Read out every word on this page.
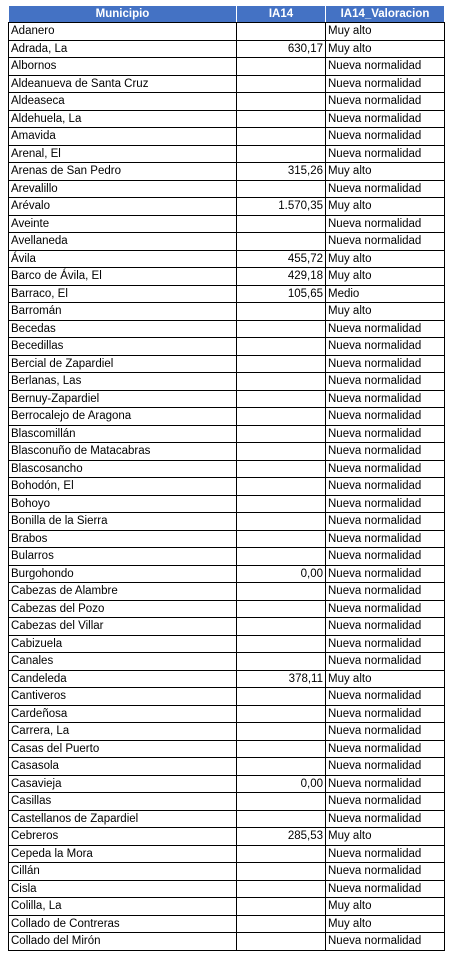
Municipio	IA14	IA14_Valoracion
Adanero		Muy alto
Adrada, La	630,17	Muy alto
Albornos		Nueva normalidad
Aldeanueva de Santa Cruz		Nueva normalidad
Aldeaseca		Nueva normalidad
Aldehuela, La		Nueva normalidad
Amavida		Nueva normalidad
Arenal, El		Nueva normalidad
Arenas de San Pedro	315,26	Muy alto
Arevalillo		Nueva normalidad
Arévalo	1.570,35	Muy alto
Aveinte		Nueva normalidad
Avellaneda		Nueva normalidad
Ávila	455,72	Muy alto
Barco de Ávila, El	429,18	Muy alto
Barraco, El	105,65	Medio
Barromán		Muy alto
Becedas		Nueva normalidad
Becedillas		Nueva normalidad
Bercial de Zapardiel		Nueva normalidad
Berlanas, Las		Nueva normalidad
Bernuy-Zapardiel		Nueva normalidad
Berrocalejo de Aragona		Nueva normalidad
Blascomillán		Nueva normalidad
Blasconuño de Matacabras		Nueva normalidad
Blascosancho		Nueva normalidad
Bohodón, El		Nueva normalidad
Bohoyo		Nueva normalidad
Bonilla de la Sierra		Nueva normalidad
Brabos		Nueva normalidad
Bularros		Nueva normalidad
Burgohondo	0,00	Nueva normalidad
Cabezas de Alambre		Nueva normalidad
Cabezas del Pozo		Nueva normalidad
Cabezas del Villar		Nueva normalidad
Cabizuela		Nueva normalidad
Canales		Nueva normalidad
Candeleda	378,11	Muy alto
Cantiveros		Nueva normalidad
Cardeñosa		Nueva normalidad
Carrera, La		Nueva normalidad
Casas del Puerto		Nueva normalidad
Casasola		Nueva normalidad
Casavieja	0,00	Nueva normalidad
Casillas		Nueva normalidad
Castellanos de Zapardiel		Nueva normalidad
Cebreros	285,53	Muy alto
Cepeda la Mora		Nueva normalidad
Cillán		Nueva normalidad
Cisla		Nueva normalidad
Colilla, La		Muy alto
Collado de Contreras		Muy alto
Collado del Mirón		Nueva normalidad
